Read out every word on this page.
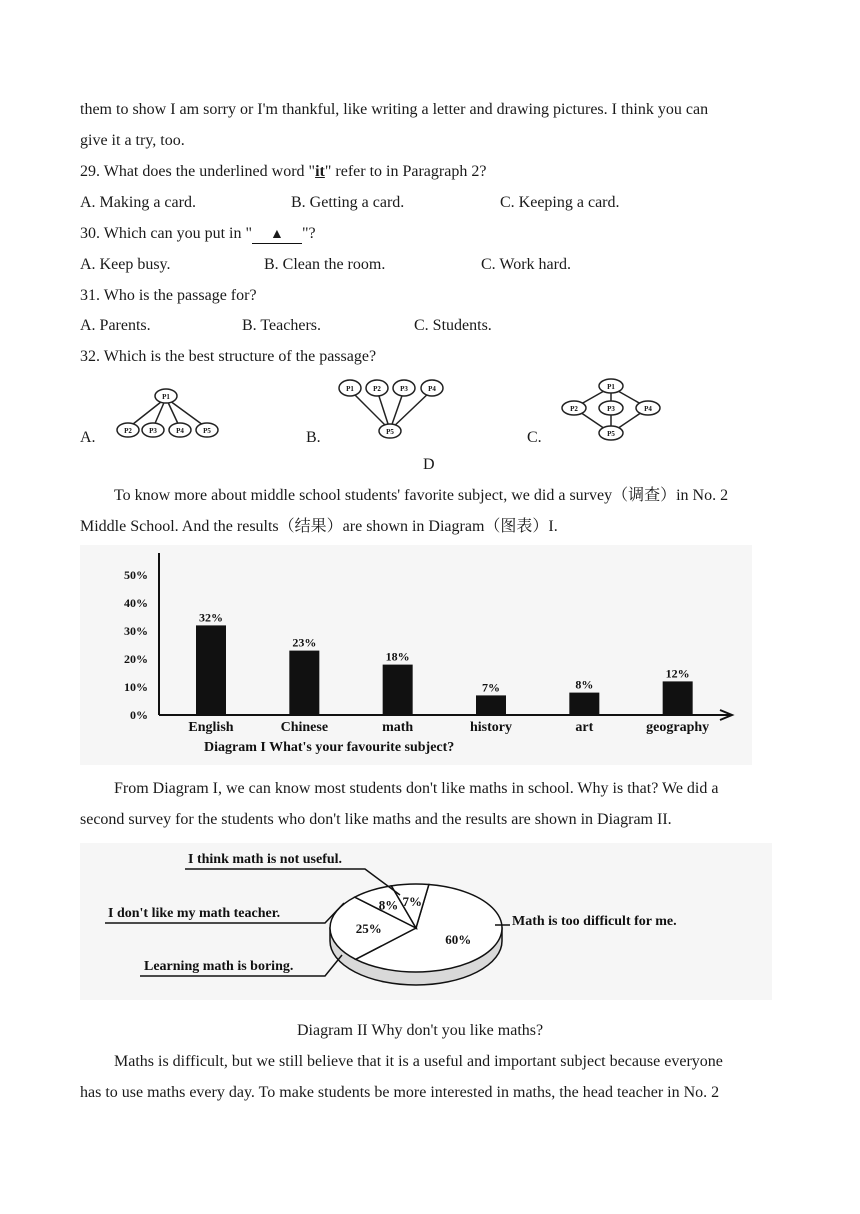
them to show I am sorry or I'm thankful, like writing a letter and drawing pictures. I think you can
give it a try, too.
29. What does the underlined word "it" refer to in Paragraph 2?
A. Making a card.	B. Getting a card.	C. Keeping a card.
30. Which can you put in " ▲ "?
A. Keep busy.	B. Clean the room.	C. Work hard.
31. Who is the passage for?
A. Parents.	B. Teachers.	C. Students.
32. Which is the best structure of the passage?
A.	B.	C.
P1
P2 P3	P4	P5
P1	P2	P3	P4
P5
P1
P2	P3	P4
P5
D
To know more about middle school students' favorite subject, we did a survey（调查）in No. 2
Middle School. And the results（结果）are shown in Diagram（图表）I.
0%
10%
20%
30%
40%
50%
32%
English
23%
Chinese
18%
math
7%
history
8%
art
12%
geography
Diagram I What's your favourite subject?
From Diagram I, we can know most students don't like maths in school. Why is that? We did a
second survey for the students who don't like maths and the results are shown in Diagram II.
60%
25%
8% 7%
I think math is not useful.
I don't like my math teacher.
Learning math is boring.
Math is too difficult for me.
Diagram II Why don't you like maths?
Maths is difficult, but we still believe that it is a useful and important subject because everyone
has to use maths every day. To make students be more interested in maths, the head teacher in No. 2
